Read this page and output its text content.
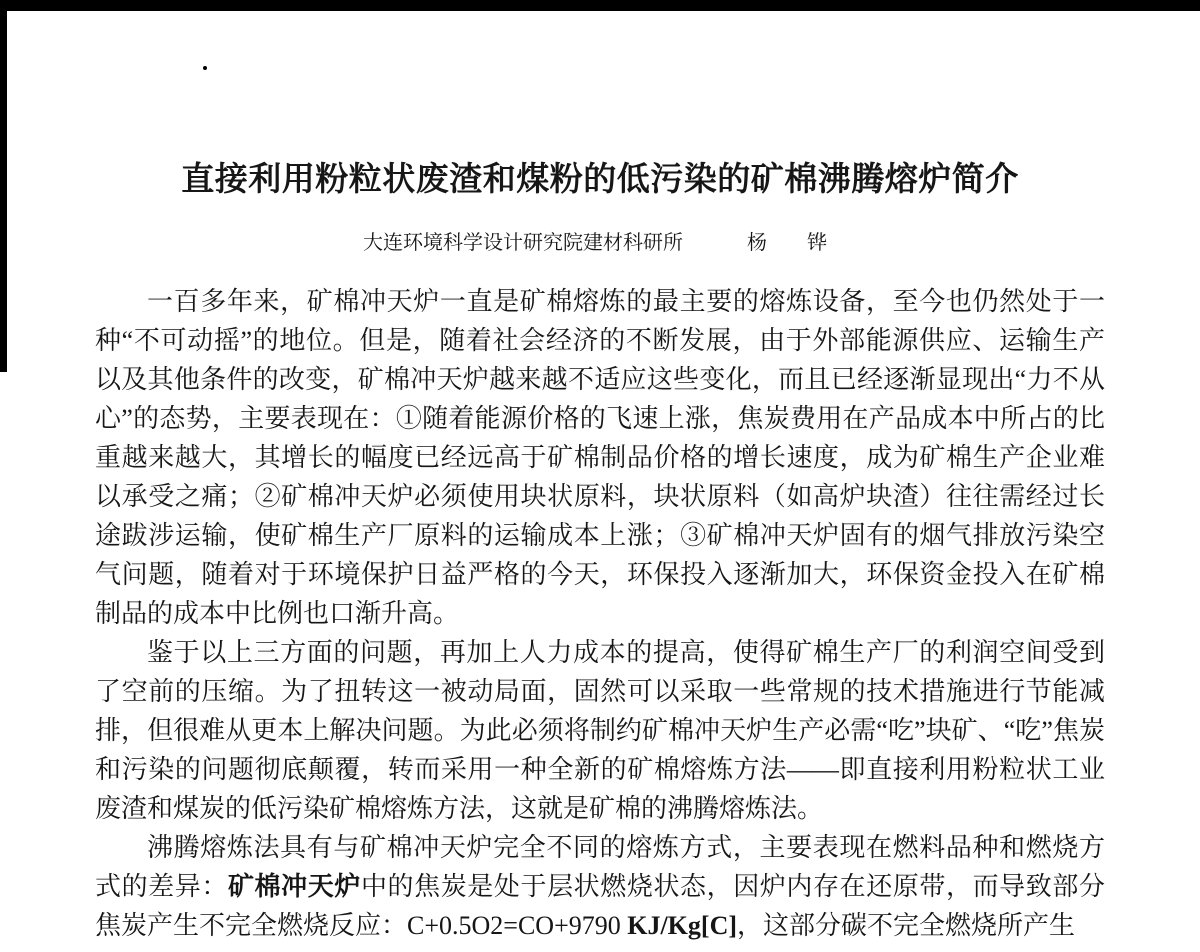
直接利用粉粒状废渣和煤粉的低污染的矿棉沸腾熔炉简介
大连环境科学设计研究院建材科研所	杨　铧

一百多年来，矿棉冲天炉一直是矿棉熔炼的最主要的熔炼设备，至今也仍然处于一种“不可动摇”的地位。但是，随着社会经济的不断发展，由于外部能源供应、运输生产以及其他条件的改变，矿棉冲天炉越来越不适应这些变化，而且已经逐渐显现出“力不从心”的态势，主要表现在：①随着能源价格的飞速上涨，焦炭费用在产品成本中所占的比重越来越大，其增长的幅度已经远高于矿棉制品价格的增长速度，成为矿棉生产企业难以承受之痛；②矿棉冲天炉必须使用块状原料，块状原料（如高炉块渣）往往需经过长途跋涉运输，使矿棉生产厂原料的运输成本上涨；③矿棉冲天炉固有的烟气排放污染空气问题，随着对于环境保护日益严格的今天，环保投入逐渐加大，环保资金投入在矿棉制品的成本中比例也口渐升高。

鉴于以上三方面的问题，再加上人力成本的提高，使得矿棉生产厂的利润空间受到了空前的压缩。为了扭转这一被动局面，固然可以采取一些常规的技术措施进行节能减排，但很难从更本上解决问题。为此必须将制约矿棉冲天炉生产必需“吃”块矿、“吃”焦炭和污染的问题彻底颠覆，转而采用一种全新的矿棉熔炼方法——即直接利用粉粒状工业废渣和煤炭的低污染矿棉熔炼方法，这就是矿棉的沸腾熔炼法。

沸腾熔炼法具有与矿棉冲天炉完全不同的熔炼方式，主要表现在燃料品种和燃烧方式的差异：矿棉冲天炉中的焦炭是处于层状燃烧状态，因炉内存在还原带，而导致部分焦炭产生不完全燃烧反应：C+0.5O2=CO+9790 KJ/Kg[C]，这部分碳不完全燃烧所产生
